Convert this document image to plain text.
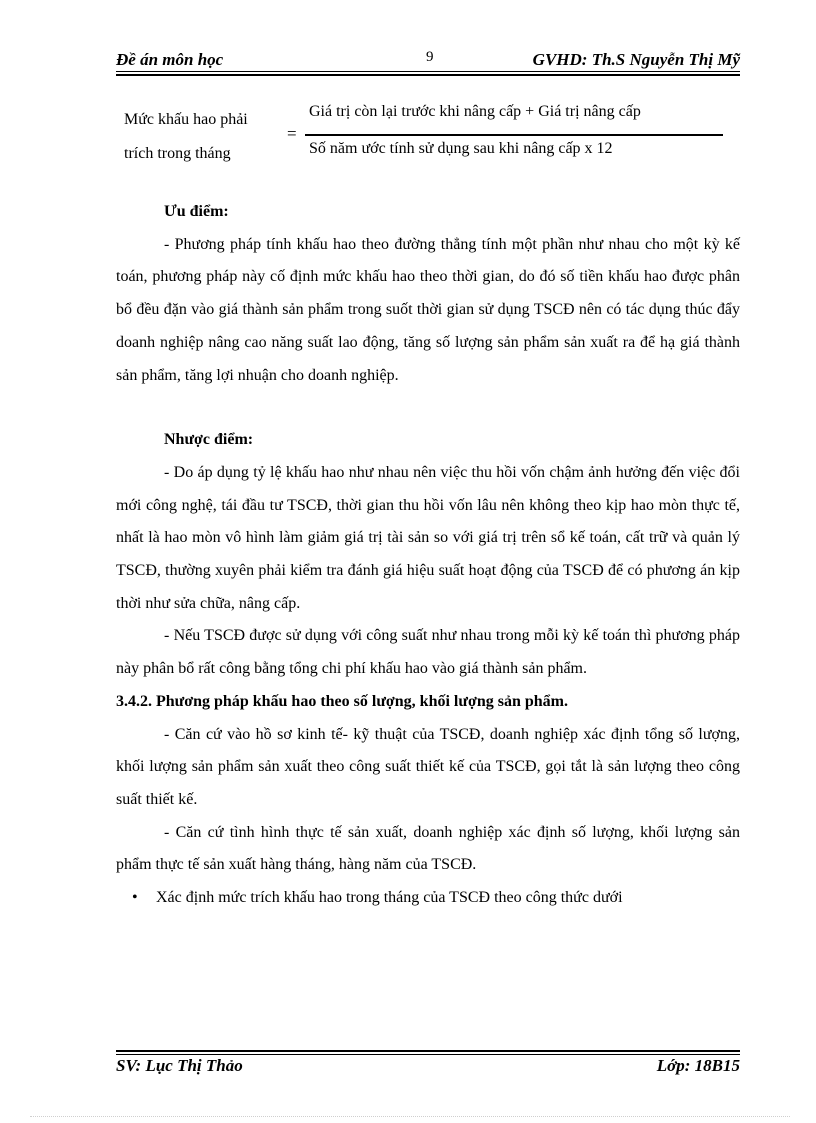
Đề án môn học	9	GVHD: Th.S Nguyễn Thị Mỹ
Mức khấu hao phải
trích trong tháng
=
Giá trị còn lại trước khi nâng cấp + Giá trị nâng cấp
Số năm ước tính sử dụng sau khi nâng cấp x 12

Ưu điểm:

- Phương pháp tính khấu hao theo đường thẳng tính một phần như nhau cho một kỳ kế toán, phương pháp này cố định mức khấu hao theo thời gian, do đó số tiền khấu hao được phân bổ đều đặn vào giá thành sản phẩm trong suốt thời gian sử dụng TSCĐ nên có tác dụng thúc đẩy doanh nghiệp nâng cao năng suất lao động, tăng số lượng sản phẩm sản xuất ra để hạ giá thành sản phẩm, tăng lợi nhuận cho doanh nghiệp.

Nhược điểm:

- Do áp dụng tỷ lệ khấu hao như nhau nên việc thu hồi vốn chậm ảnh hưởng đến việc đổi mới công nghệ, tái đầu tư TSCĐ, thời gian thu hồi vốn lâu nên không theo kịp hao mòn thực tế, nhất là hao mòn vô hình làm giảm giá trị tài sản so với giá trị trên sổ kế toán, cất trữ và quản lý TSCĐ, thường xuyên phải kiểm tra đánh giá hiệu suất hoạt động của TSCĐ để có phương án kịp thời như sửa chữa, nâng cấp.

- Nếu TSCĐ được sử dụng với công suất như nhau trong mỗi kỳ kế toán thì phương pháp này phân bổ rất công bằng tổng chi phí khấu hao vào giá thành sản phẩm.

3.4.2. Phương pháp khấu hao theo số lượng, khối lượng sản phẩm.

- Căn cứ vào hồ sơ kinh tế- kỹ thuật của TSCĐ, doanh nghiệp xác định tổng số lượng, khối lượng sản phẩm sản xuất theo công suất thiết kế của TSCĐ, gọi tắt là sản lượng theo công suất thiết kế.

- Căn cứ tình hình thực tế sản xuất, doanh nghiệp xác định số lượng, khối lượng sản phẩm thực tế sản xuất hàng tháng, hàng năm của TSCĐ.

• Xác định mức trích khấu hao trong tháng của TSCĐ theo công thức dưới

SV: Lục Thị Thảo	Lớp: 18B15
